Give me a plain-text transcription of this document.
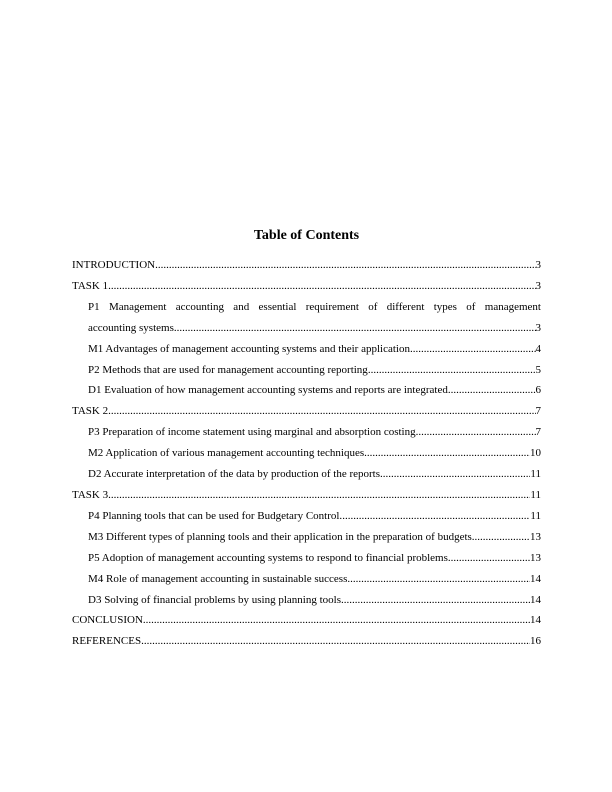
Table of Contents
INTRODUCTION .....	3
TASK 1 .....	3
P1 Management accounting and essential requirement of different types of management
accounting systems .....	3
M1 Advantages of management accounting systems and their application .....	4
P2 Methods that are used for management accounting reporting .....	5
D1 Evaluation of how management accounting systems and reports are integrated .....	6
TASK 2 .....	7
P3 Preparation of income statement using marginal and absorption costing .....	7
M2 Application of various management accounting techniques .....	10
D2 Accurate interpretation of the data by production of the reports .....	11
TASK 3 .....	11
P4 Planning tools that can be used for Budgetary Control. .....	11
M3 Different types of planning tools and their application in the preparation of budgets .....	13
P5 Adoption of management accounting systems to respond to financial problems .....	13
M4 Role of management accounting in sustainable success .....	14
D3 Solving of financial problems by using planning tools .....	14
CONCLUSION .....	14
REFERENCES .....	16
